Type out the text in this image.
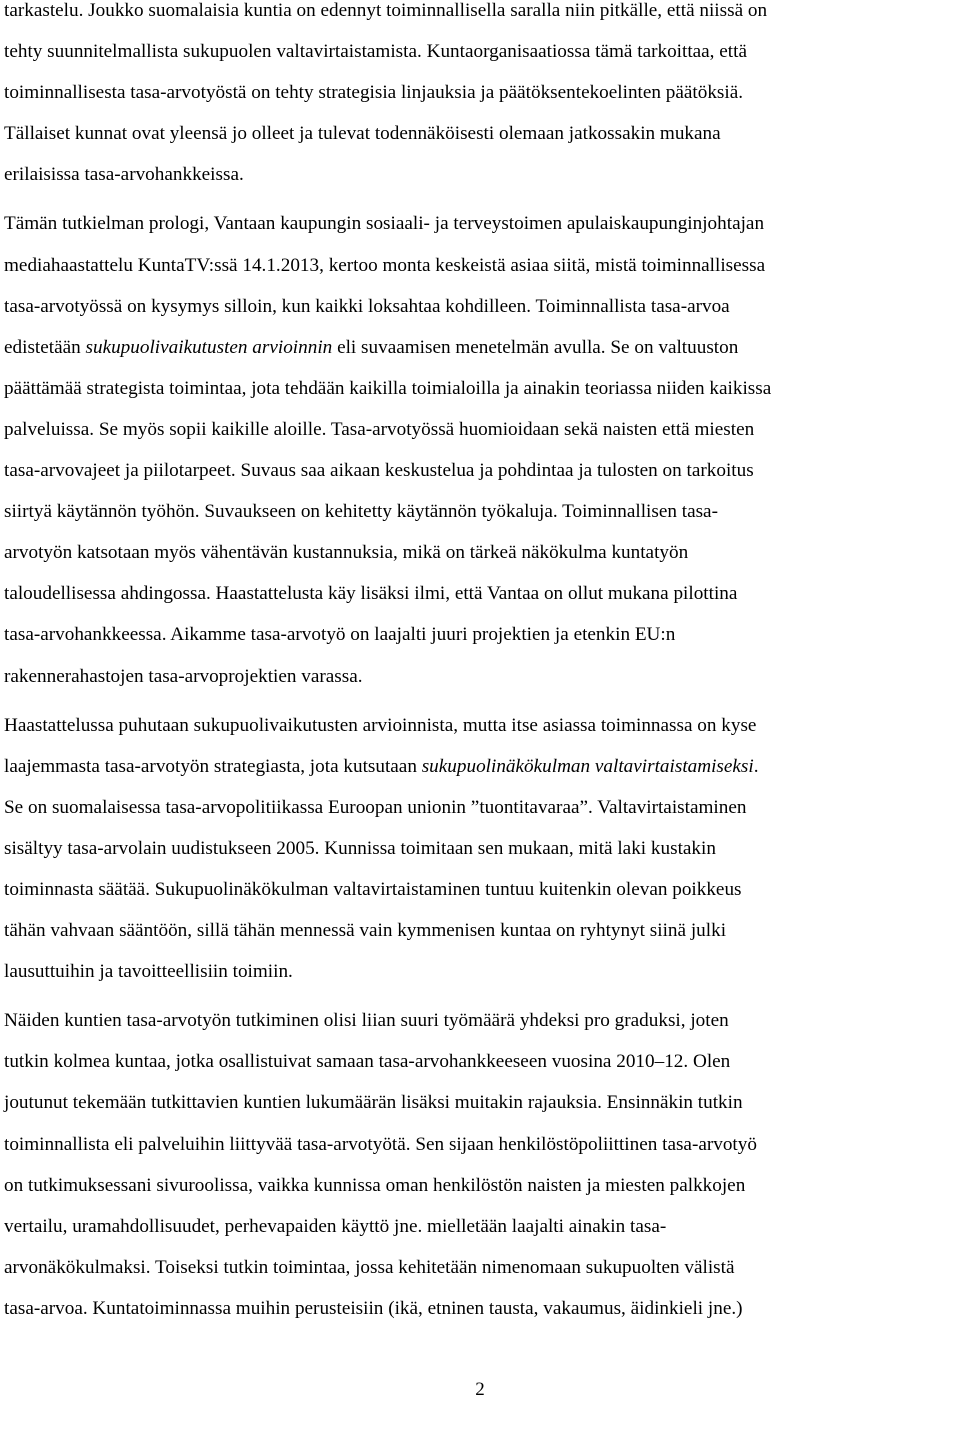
tarkastelu. Joukko suomalaisia kuntia on edennyt toiminnallisella saralla niin pitkälle, että niissä on
tehty suunnitelmallista sukupuolen valtavirtaistamista. Kuntaorganisaatiossa tämä tarkoittaa, että
toiminnallisesta tasa-arvotyöstä on tehty strategisia linjauksia ja päätöksentekoelinten päätöksiä.
Tällaiset kunnat ovat yleensä jo olleet ja tulevat todennäköisesti olemaan jatkossakin mukana
erilaisissa tasa-arvohankkeissa.

Tämän tutkielman prologi, Vantaan kaupungin sosiaali- ja terveystoimen apulaiskaupunginjohtajan
mediahaastattelu KuntaTV:ssä 14.1.2013, kertoo monta keskeistä asiaa siitä, mistä toiminnallisessa
tasa-arvotyössä on kysymys silloin, kun kaikki loksahtaa kohdilleen. Toiminnallista tasa-arvoa
edistetään sukupuolivaikutusten arvioinnin eli suvaamisen menetelmän avulla. Se on valtuuston
päättämää strategista toimintaa, jota tehdään kaikilla toimialoilla ja ainakin teoriassa niiden kaikissa
palveluissa. Se myös sopii kaikille aloille. Tasa-arvotyössä huomioidaan sekä naisten että miesten
tasa-arvovajeet ja piilotarpeet. Suvaus saa aikaan keskustelua ja pohdintaa ja tulosten on tarkoitus
siirtyä käytännön työhön. Suvaukseen on kehitetty käytännön työkaluja. Toiminnallisen tasa-
arvotyön katsotaan myös vähentävän kustannuksia, mikä on tärkeä näkökulma kuntatyön
taloudellisessa ahdingossa. Haastattelusta käy lisäksi ilmi, että Vantaa on ollut mukana pilottina
tasa-arvohankkeessa. Aikamme tasa-arvotyö on laajalti juuri projektien ja etenkin EU:n
rakennerahastojen tasa-arvoprojektien varassa.

Haastattelussa puhutaan sukupuolivaikutusten arvioinnista, mutta itse asiassa toiminnassa on kyse
laajemmasta tasa-arvotyön strategiasta, jota kutsutaan sukupuolinäkökulman valtavirtaistamiseksi.
Se on suomalaisessa tasa-arvopolitiikassa Euroopan unionin ”tuontitavaraa”. Valtavirtaistaminen
sisältyy tasa-arvolain uudistukseen 2005. Kunnissa toimitaan sen mukaan, mitä laki kustakin
toiminnasta säätää. Sukupuolinäkökulman valtavirtaistaminen tuntuu kuitenkin olevan poikkeus
tähän vahvaan sääntöön, sillä tähän mennessä vain kymmenisen kuntaa on ryhtynyt siinä julki
lausuttuihin ja tavoitteellisiin toimiin.

Näiden kuntien tasa-arvotyön tutkiminen olisi liian suuri työmäärä yhdeksi pro graduksi, joten
tutkin kolmea kuntaa, jotka osallistuivat samaan tasa-arvohankkeeseen vuosina 2010–12. Olen
joutunut tekemään tutkittavien kuntien lukumäärän lisäksi muitakin rajauksia. Ensinnäkin tutkin
toiminnallista eli palveluihin liittyvää tasa-arvotyötä. Sen sijaan henkilöstöpoliittinen tasa-arvotyö
on tutkimuksessani sivuroolissa, vaikka kunnissa oman henkilöstön naisten ja miesten palkkojen
vertailu, uramahdollisuudet, perhevapaiden käyttö jne. mielletään laajalti ainakin tasa-
arvonäkökulmaksi. Toiseksi tutkin toimintaa, jossa kehitetään nimenomaan sukupuolten välistä
tasa-arvoa. Kuntatoiminnassa muihin perusteisiin (ikä, etninen tausta, vakaumus, äidinkieli jne.)

2
